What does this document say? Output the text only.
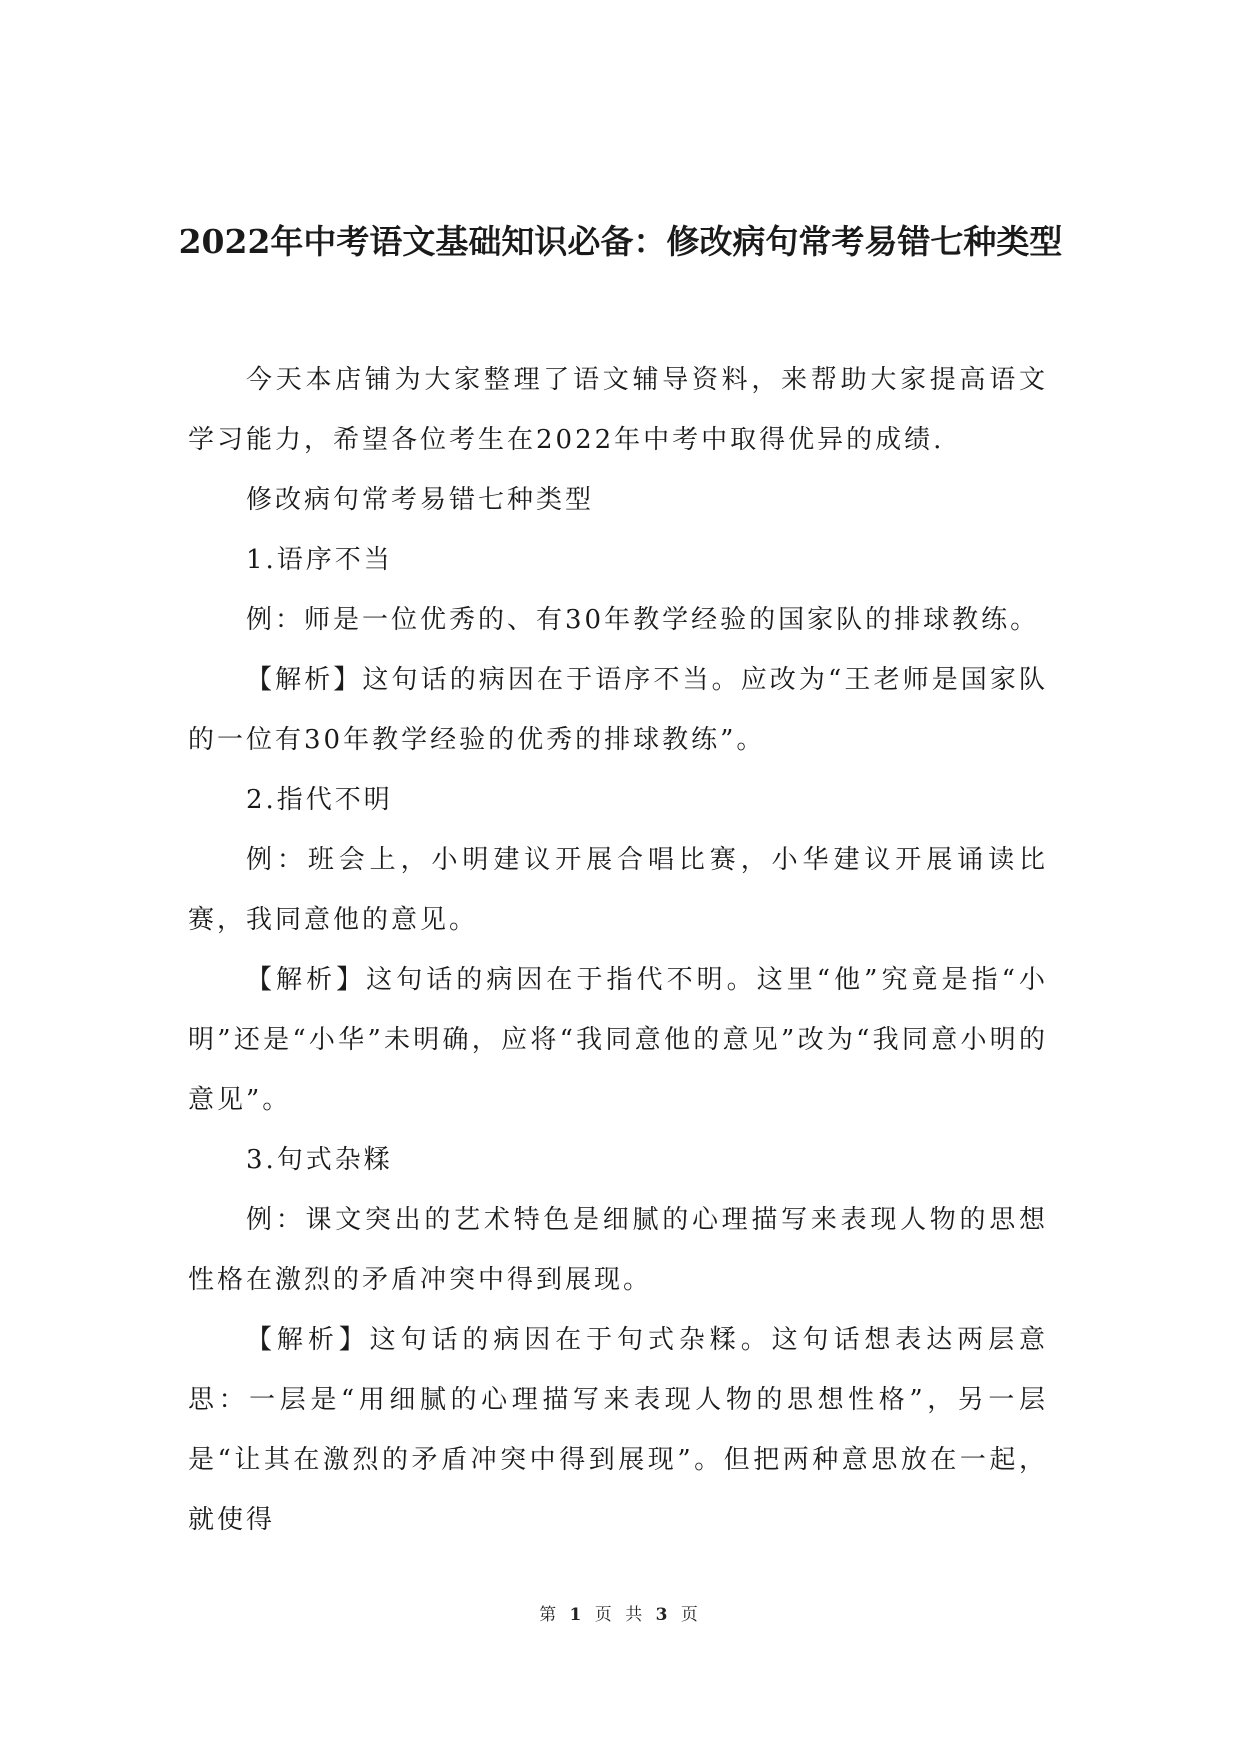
2022年中考语文基础知识必备：修改病句常考易错七种类型

今天本店铺为大家整理了语文辅导资料，来帮助大家提高语文学习能力，希望各位考生在2022年中考中取得优异的成绩.

修改病句常考易错七种类型

1.语序不当

例：师是一位优秀的、有30年教学经验的国家队的排球教练。

【解析】这句话的病因在于语序不当。应改为“王老师是国家队的一位有30年教学经验的优秀的排球教练”。

2.指代不明

例：班会上，小明建议开展合唱比赛，小华建议开展诵读比赛，我同意他的意见。

【解析】这句话的病因在于指代不明。这里“他”究竟是指“小明”还是“小华”未明确，应将“我同意他的意见”改为“我同意小明的意见”。

3.句式杂糅

例：课文突出的艺术特色是细腻的心理描写来表现人物的思想性格在激烈的矛盾冲突中得到展现。

【解析】这句话的病因在于句式杂糅。这句话想表达两层意思：一层是“用细腻的心理描写来表现人物的思想性格”，另一层是“让其在激烈的矛盾冲突中得到展现”。但把两种意思放在一起，就使得

第 1 页 共 3 页
